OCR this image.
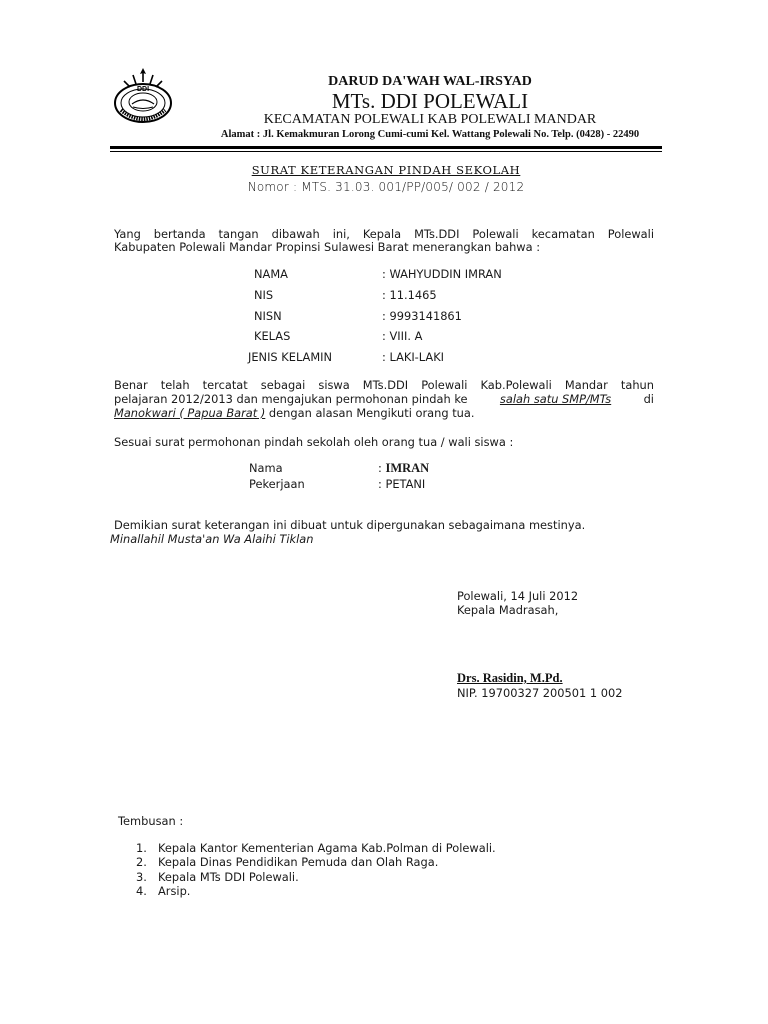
DDI
DARUD DA'WAH WAL-IRSYAD
MTs. DDI POLEWALI
KECAMATAN POLEWALI KAB POLEWALI MANDAR
Alamat : Jl. Kemakmuran Lorong Cumi-cumi Kel. Wattang Polewali No. Telp. (0428) - 22490
SURAT KETERANGAN PINDAH SEKOLAH
Nomor : MTS. 31.03. 001/PP/005/ 002 / 2012
Yang bertanda tangan dibawah ini, Kepala MTs.DDI Polewali kecamatan Polewali
Kabupaten Polewali Mandar Propinsi Sulawesi Barat menerangkan bahwa :
NAMA	: WAHYUDDIN IMRAN
NIS	: 11.1465
NISN	: 9993141861
KELAS	: VIII. A
JENIS KELAMIN	: LAKI-LAKI
Benar telah tercatat sebagai siswa MTs.DDI Polewali Kab.Polewali Mandar tahun
pelajaran 2012/2013 dan mengajukan permohonan pindah ke	salah satu SMP/MTs	di
Manokwari ( Papua Barat ) dengan alasan Mengikuti orang tua.
Sesuai surat permohonan pindah sekolah oleh orang tua / wali siswa :
Nama	: IMRAN
Pekerjaan	: PETANI
Demikian surat keterangan ini dibuat untuk dipergunakan sebagaimana mestinya.
Minallahil Musta'an Wa Alaihi Tiklan
Polewali, 14 Juli 2012
Kepala Madrasah,
Drs. Rasidin, M.Pd.
NIP. 19700327 200501 1 002
Tembusan :
1. Kepala Kantor Kementerian Agama Kab.Polman di Polewali.
2. Kepala Dinas Pendidikan Pemuda dan Olah Raga.
3. Kepala MTs DDI Polewali.
4. Arsip.
